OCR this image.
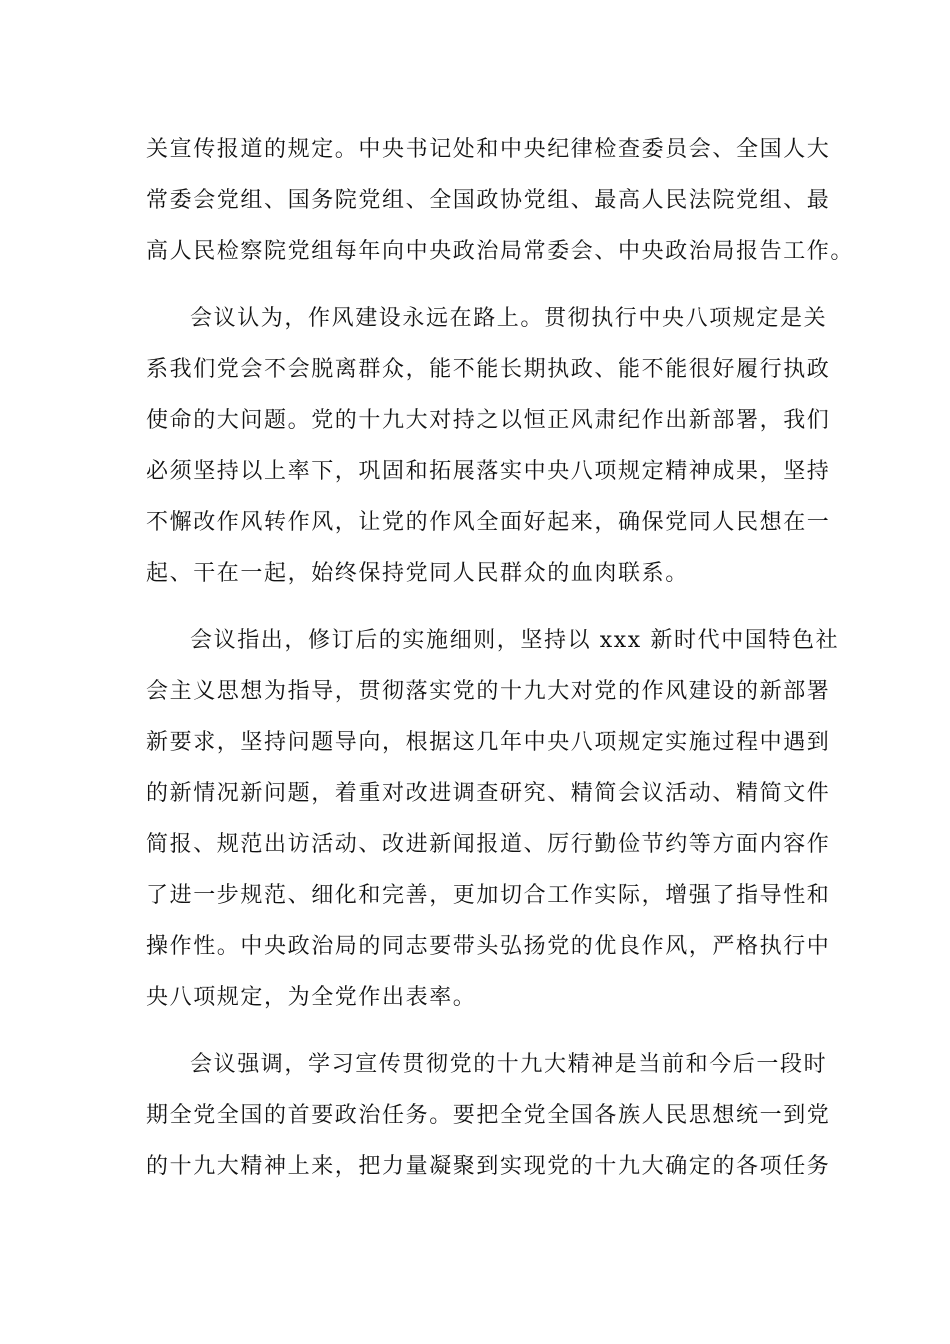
关宣传报道的规定。中央书记处和中央纪律检查委员会、全国人大
常委会党组、国务院党组、全国政协党组、最高人民法院党组、最
高人民检察院党组每年向中央政治局常委会、中央政治局报告工作。
会议认为，作风建设永远在路上。贯彻执行中央八项规定是关
系我们党会不会脱离群众，能不能长期执政、能不能很好履行执政
使命的大问题。党的十九大对持之以恒正风肃纪作出新部署，我们
必须坚持以上率下，巩固和拓展落实中央八项规定精神成果，坚持
不懈改作风转作风，让党的作风全面好起来，确保党同人民想在一
起、干在一起，始终保持党同人民群众的血肉联系。
会议指出，修订后的实施细则，坚持以 xxx 新时代中国特色社
会主义思想为指导，贯彻落实党的十九大对党的作风建设的新部署
新要求，坚持问题导向，根据这几年中央八项规定实施过程中遇到
的新情况新问题，着重对改进调查研究、精简会议活动、精简文件
简报、规范出访活动、改进新闻报道、厉行勤俭节约等方面内容作
了进一步规范、细化和完善，更加切合工作实际，增强了指导性和
操作性。中央政治局的同志要带头弘扬党的优良作风，严格执行中
央八项规定，为全党作出表率。
会议强调，学习宣传贯彻党的十九大精神是当前和今后一段时
期全党全国的首要政治任务。要把全党全国各族人民思想统一到党
的十九大精神上来，把力量凝聚到实现党的十九大确定的各项任务
